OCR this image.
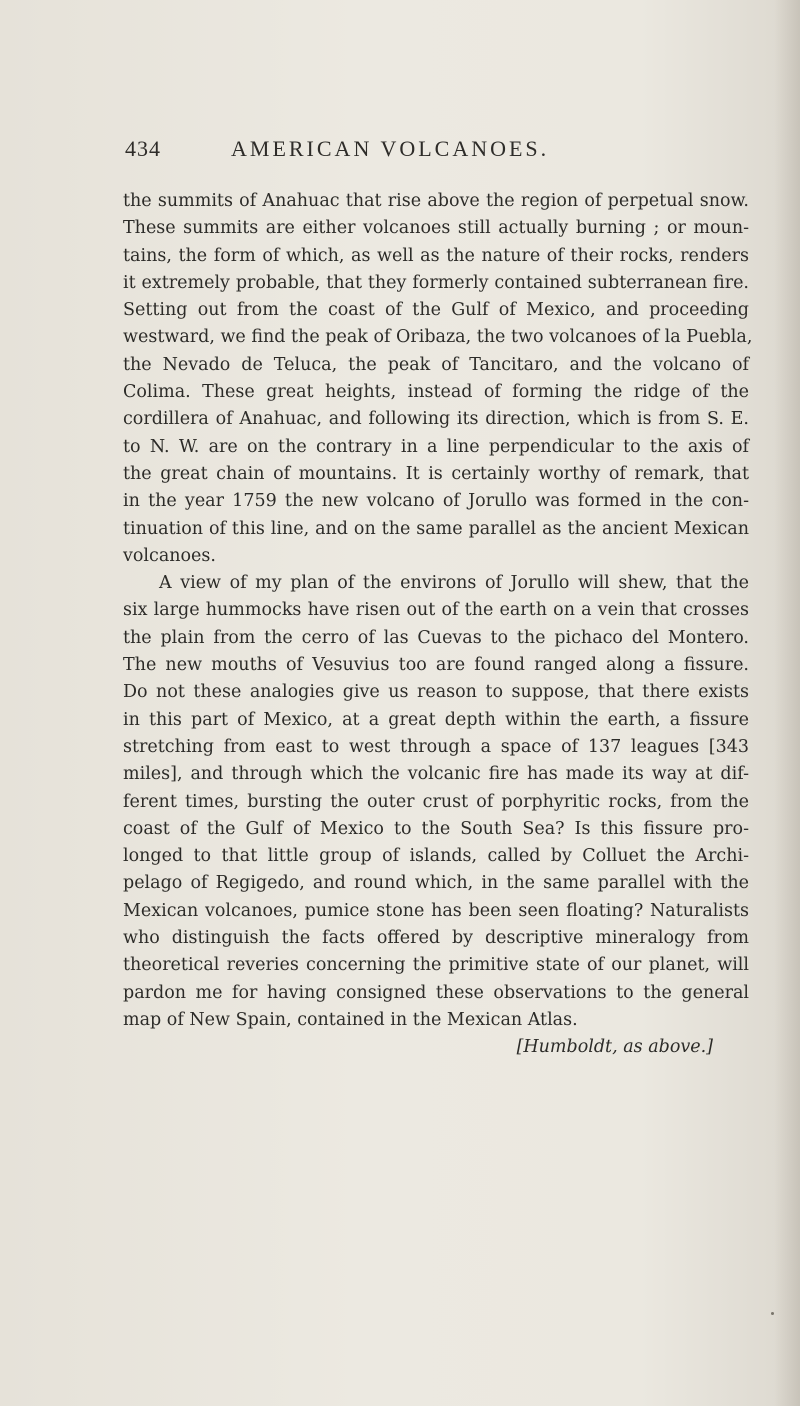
434	AMERICAN VOLCANOES.
the summits of Anahuac that rise above the region of perpetual snow.
These summits are either volcanoes still actually burning ; or moun-
tains, the form of which, as well as the nature of their rocks, renders
it extremely probable, that they formerly contained subterranean fire.
Setting out from the coast of the Gulf of Mexico, and proceeding
westward, we find the peak of Oribaza, the two volcanoes of la Puebla,
the Nevado de Teluca, the peak of Tancitaro, and the volcano of
Colima. These great heights, instead of forming the ridge of the
cordillera of Anahuac, and following its direction, which is from S. E.
to N. W. are on the contrary in a line perpendicular to the axis of
the great chain of mountains. It is certainly worthy of remark, that
in the year 1759 the new volcano of Jorullo was formed in the con-
tinuation of this line, and on the same parallel as the ancient Mexican
volcanoes.
A view of my plan of the environs of Jorullo will shew, that the
six large hummocks have risen out of the earth on a vein that crosses
the plain from the cerro of las Cuevas to the pichaco del Montero.
The new mouths of Vesuvius too are found ranged along a fissure.
Do not these analogies give us reason to suppose, that there exists
in this part of Mexico, at a great depth within the earth, a fissure
stretching from east to west through a space of 137 leagues [343
miles], and through which the volcanic fire has made its way at dif-
ferent times, bursting the outer crust of porphyritic rocks, from the
coast of the Gulf of Mexico to the South Sea? Is this fissure pro-
longed to that little group of islands, called by Colluet the Archi-
pelago of Regigedo, and round which, in the same parallel with the
Mexican volcanoes, pumice stone has been seen floating? Naturalists
who distinguish the facts offered by descriptive mineralogy from
theoretical reveries concerning the primitive state of our planet, will
pardon me for having consigned these observations to the general
map of New Spain, contained in the Mexican Atlas.
[Humboldt, as above.]
